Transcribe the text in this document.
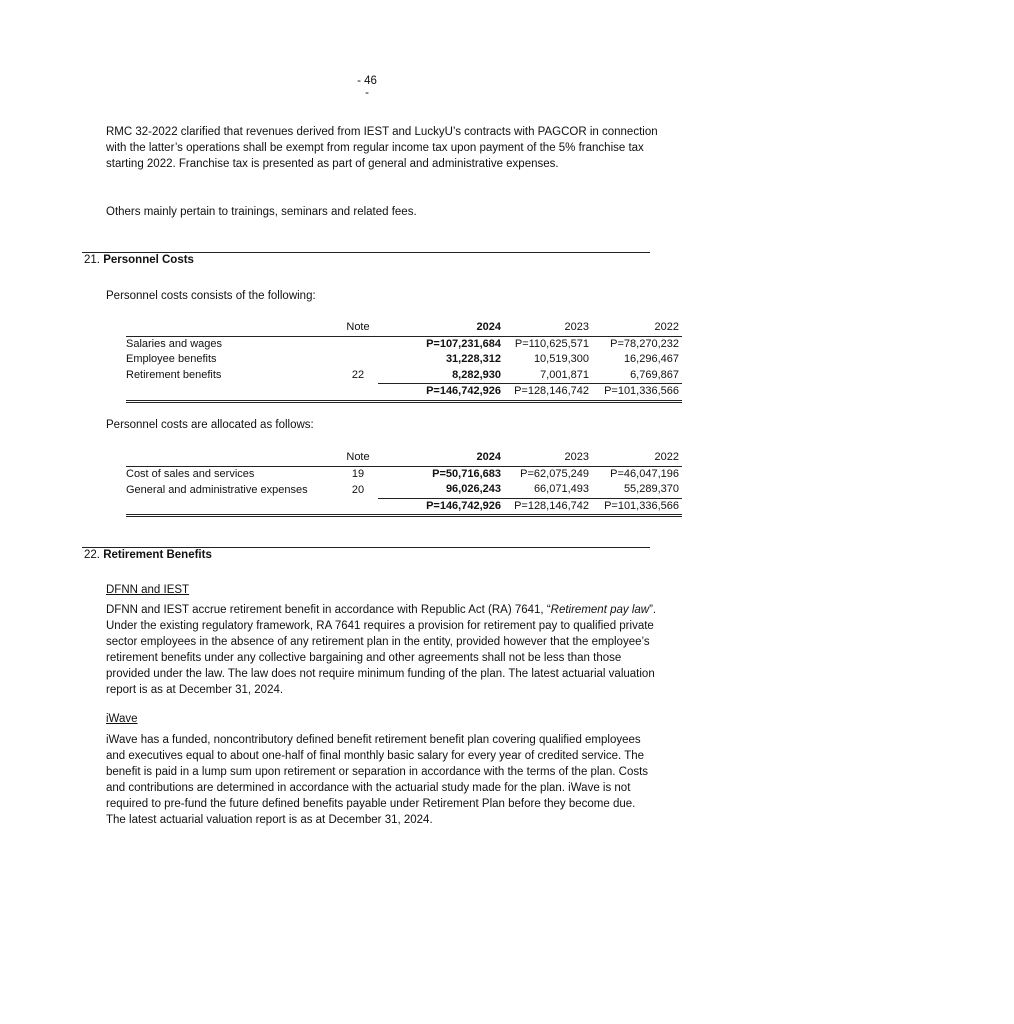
- 46 -

RMC 32-2022 clarified that revenues derived from IEST and LuckyU’s contracts with PAGCOR in connection with the latter’s operations shall be exempt from regular income tax upon payment of the 5% franchise tax starting 2022. Franchise tax is presented as part of general and administrative expenses.

Others mainly pertain to trainings, seminars and related fees.

21. Personnel Costs
Personnel costs consists of the following:
	Note	2024	2023	2022
Salaries and wages		P=107,231,684	P=110,625,571	P=78,270,232
Employee benefits		31,228,312	10,519,300	16,296,467
Retirement benefits	22	8,282,930	7,001,871	6,769,867
		P=146,742,926	P=128,146,742	P=101,336,566
Personnel costs are allocated as follows:
	Note	2024	2023	2022
Cost of sales and services	19	P=50,716,683	P=62,075,249	P=46,047,196
General and administrative expenses	20	96,026,243	66,071,493	55,289,370
		P=146,742,926	P=128,146,742	P=101,336,566
22. Retirement Benefits
DFNN and IEST

DFNN and IEST accrue retirement benefit in accordance with Republic Act (RA) 7641, “Retirement pay law”. Under the existing regulatory framework, RA 7641 requires a provision for retirement pay to qualified private sector employees in the absence of any retirement plan in the entity, provided however that the employee’s retirement benefits under any collective bargaining and other agreements shall not be less than those provided under the law. The law does not require minimum funding of the plan. The latest actuarial valuation report is as at December 31, 2024.

iWave

iWave has a funded, noncontributory defined benefit retirement benefit plan covering qualified employees and executives equal to about one-half of final monthly basic salary for every year of credited service. The benefit is paid in a lump sum upon retirement or separation in accordance with the terms of the plan. Costs and contributions are determined in accordance with the actuarial study made for the plan. iWave is not required to pre-fund the future defined benefits payable under Retirement Plan before they become due. The latest actuarial valuation report is as at December 31, 2024.
